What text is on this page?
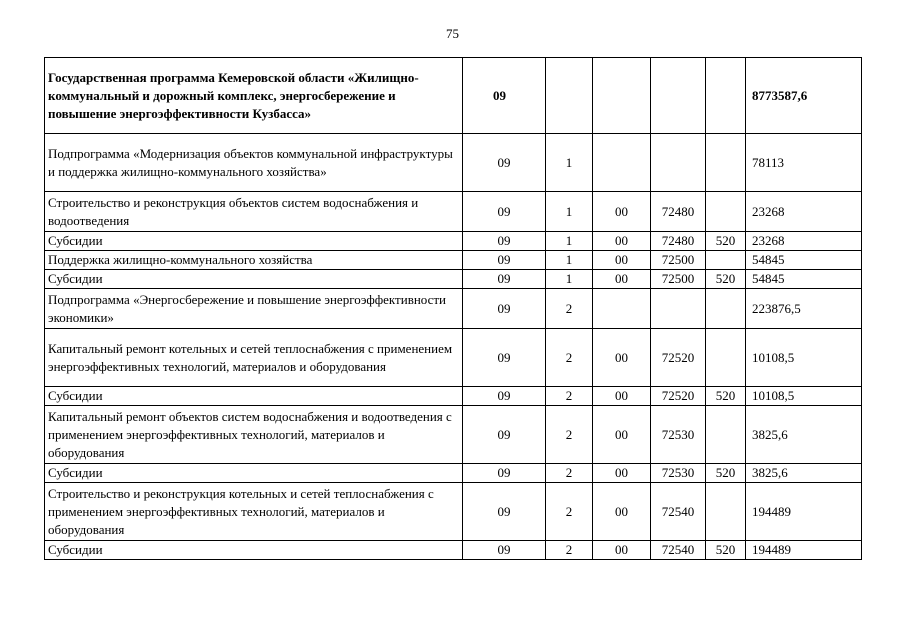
75
Государственная программа Кемеровской области «Жилищно-коммунальный и дорожный комплекс, энергосбережение и повышение энергоэффективности Кузбасса»	09					8773587,6
Подпрограмма «Модернизация объектов коммунальной инфраструктуры и поддержка жилищно-коммунального хозяйства»	09	1				78113
Строительство и реконструкция объектов систем водоснабжения и водоотведения	09	1	00	72480		23268
Субсидии	09	1	00	72480	520	23268
Поддержка жилищно-коммунального хозяйства	09	1	00	72500		54845
Субсидии	09	1	00	72500	520	54845
Подпрограмма «Энергосбережение и повышение энергоэффективности экономики»	09	2				223876,5
Капитальный ремонт котельных и сетей теплоснабжения с применением энергоэффективных технологий, материалов и оборудования	09	2	00	72520		10108,5
Субсидии	09	2	00	72520	520	10108,5
Капитальный ремонт объектов систем водоснабжения и водоотведения с применением энергоэффективных технологий, материалов и оборудования	09	2	00	72530		3825,6
Субсидии	09	2	00	72530	520	3825,6
Строительство и реконструкция котельных и сетей теплоснабжения с применением энергоэффективных технологий, материалов и оборудования	09	2	00	72540		194489
Субсидии	09	2	00	72540	520	194489
